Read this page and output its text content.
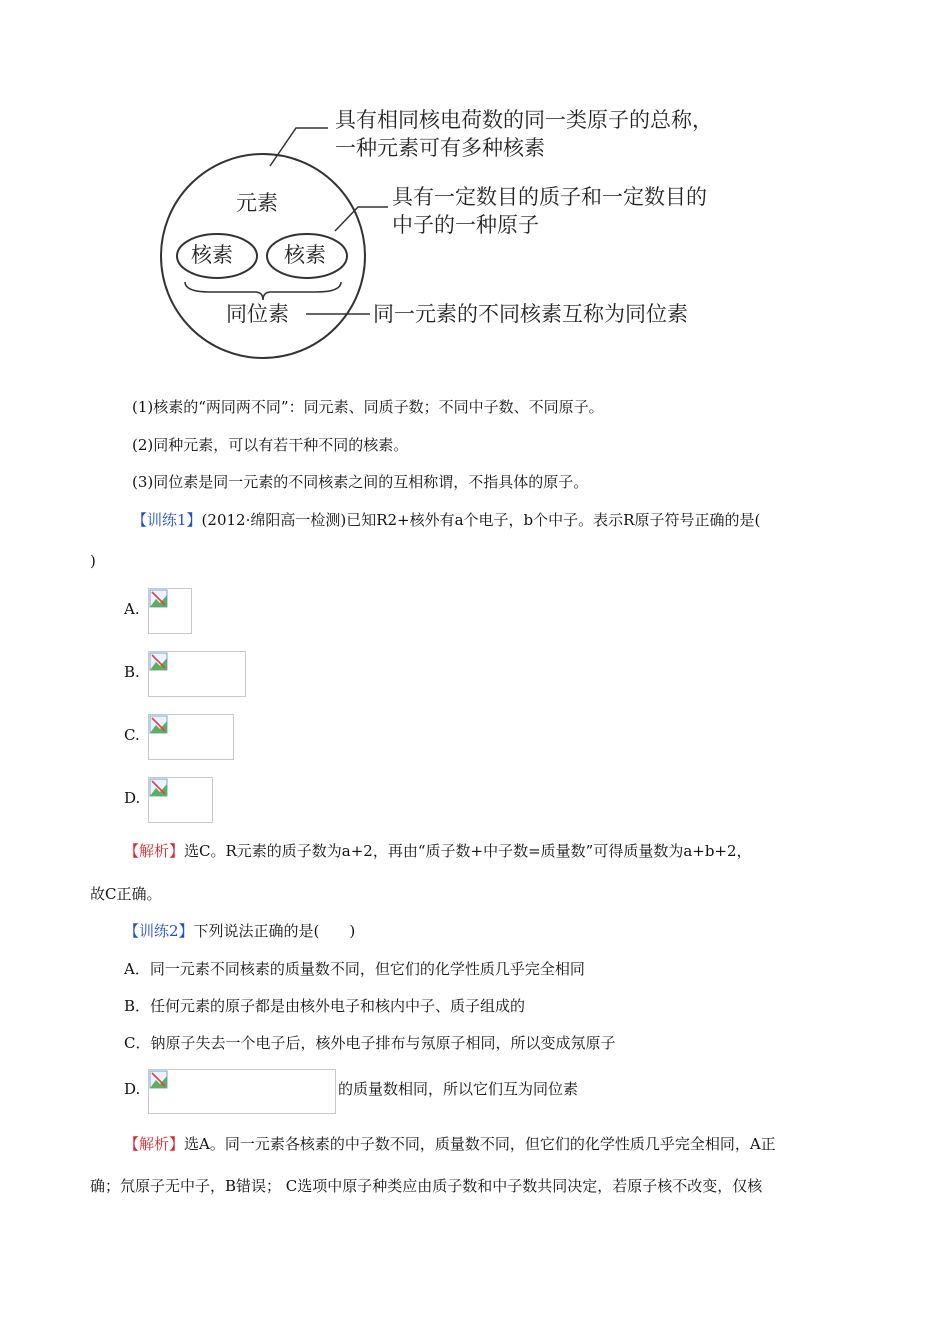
元素
核素 核素
同位素
具有相同核电荷数的同一类原子的总称，
一种元素可有多种核素
具有一定数目的质子和一定数目的
中子的一种原子
同一元素的不同核素互称为同位素
(1)核素的“两同两不同”：同元素、同质子数；不同中子数、不同原子。
(2)同种元素，可以有若干种不同的核素。
(3)同位素是同一元素的不同核素之间的互相称谓，不指具体的原子。
【训练1】(2012·绵阳高一检测)已知R2+核外有a个电子，b个中子。表示R原子符号正确的是(
)
A.
B.
C.
D.
【解析】选C。R元素的质子数为a+2，再由“质子数+中子数=质量数”可得质量数为a+b+2，
故C正确。
【训练2】下列说法正确的是(　　)
A．同一元素不同核素的质量数不同，但它们的化学性质几乎完全相同
B．任何元素的原子都是由核外电子和核内中子、质子组成的
C．钠原子失去一个电子后，核外电子排布与氖原子相同，所以变成氖原子
D.	的质量数相同，所以它们互为同位素
【解析】选A。同一元素各核素的中子数不同，质量数不同，但它们的化学性质几乎完全相同，A正
确；氘原子无中子，B错误； C选项中原子种类应由质子数和中子数共同决定，若原子核不改变，仅核
